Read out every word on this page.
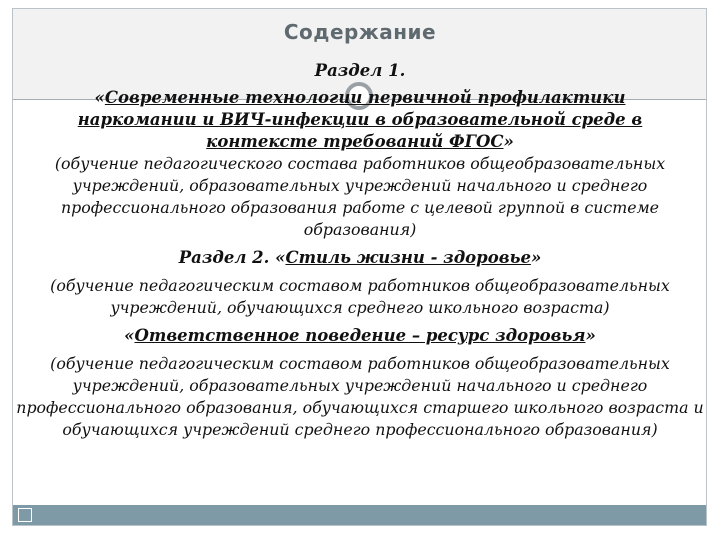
Содержание
Раздел 1.
«Современные технологии первичной профилактики наркомании и ВИЧ-инфекции в образовательной среде в контексте требований ФГОС»
(обучение педагогического состава работников общеобразовательных учреждений, образовательных учреждений начального и среднего профессионального образования работе с целевой группой в системе образования)
Раздел 2. «Стиль жизни - здоровье»
(обучение педагогическим составом работников общеобразовательных учреждений, обучающихся среднего школьного возраста)
«Ответственное поведение – ресурс здоровья»
(обучение педагогическим составом работников общеобразовательных учреждений, образовательных учреждений начального и среднего профессионального образования, обучающихся старшего школьного возраста и обучающихся учреждений среднего профессионального образования)
